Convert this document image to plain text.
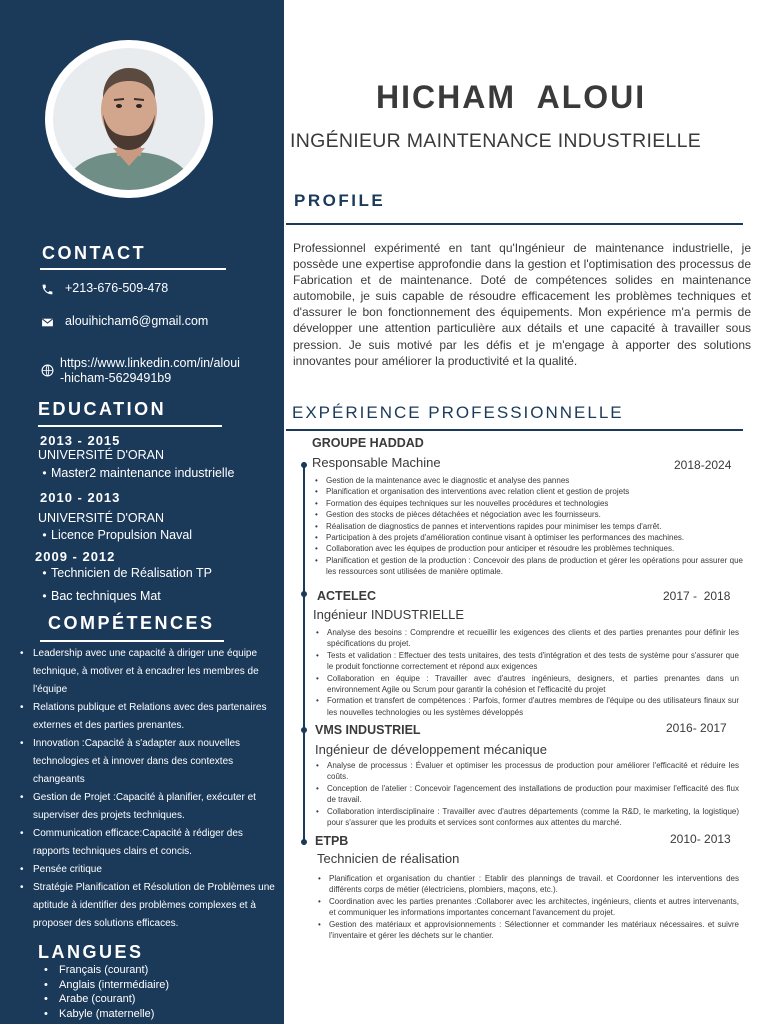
CONTACT
+213-676-509-478
alouihicham6@gmail.com
https://www.linkedin.com/in/aloui
-hicham-5629491b9
EDUCATION
2013 - 2015
UNIVERSITÉ D'ORAN
• Master2 maintenance industrielle
2010 - 2013
UNIVERSITÉ D'ORAN
• Licence Propulsion Naval
2009 - 2012
• Technicien de Réalisation TP
• Bac techniques Mat
COMPÉTENCES
• Leadership avec une capacité à diriger une équipe technique, à motiver et à encadrer les membres de l'équipe
• Relations publique et Relations avec des partenaires externes et des parties prenantes.
• Innovation :Capacité à s'adapter aux nouvelles technologies et à innover dans des contextes changeants
• Gestion de Projet :Capacité à planifier, exécuter et superviser des projets techniques.
• Communication efficace:Capacité à rédiger des rapports techniques clairs et concis.
• Pensée critique
• Stratégie Planification et Résolution de Problèmes une aptitude à identifier des problèmes complexes et à proposer des solutions efficaces.
LANGUES
• Français (courant)
• Anglais (intermédiaire)
• Arabe (courant)
• Kabyle (maternelle)
HICHAM  ALOUI
INGÉNIEUR MAINTENANCE INDUSTRIELLE
PROFILE
Professionnel expérimenté en tant qu'Ingénieur de maintenance industrielle, je possède une expertise approfondie dans la gestion et l'optimisation des processus de Fabrication et de maintenance. Doté de compétences solides en maintenance automobile, je suis capable de résoudre efficacement les problèmes techniques et d'assurer le bon fonctionnement des équipements. Mon expérience m'a permis de développer une attention particulière aux détails et une capacité à travailler sous pression. Je suis motivé par les défis et je m'engage à apporter des solutions innovantes pour améliorer la productivité et la qualité.
EXPÉRIENCE PROFESSIONNELLE
GROUPE HADDAD
Responsable Machine	2018-2024
• Gestion de la maintenance avec le diagnostic et analyse des pannes
• Planification et organisation des interventions avec relation client et gestion de projets
• Formation des équipes techniques sur les nouvelles procédures et technologies
• Gestion des stocks de pièces détachées et négociation avec les fournisseurs.
• Réalisation de diagnostics de pannes et interventions rapides pour minimiser les temps d'arrêt.
• Participation à des projets d'amélioration continue visant à optimiser les performances des machines.
• Collaboration avec les équipes de production pour anticiper et résoudre les problèmes techniques.
• Planification et gestion de la production : Concevoir des plans de production et gérer les opérations pour assurer que les ressources sont utilisées de manière optimale.
ACTELEC
Ingénieur INDUSTRIELLE
2017 -  2018
• Analyse des besoins : Comprendre et recueillir les exigences des clients et des parties prenantes pour définir les spécifications du projet.
• Tests et validation : Effectuer des tests unitaires, des tests d'intégration et des tests de système pour s'assurer que le produit fonctionne correctement et répond aux exigences
• Collaboration en équipe : Travailler avec d'autres ingénieurs, designers, et parties prenantes dans un environnement Agile ou Scrum pour garantir la cohésion et l'efficacité du projet
• Formation et transfert de compétences : Parfois, former d'autres membres de l'équipe ou des utilisateurs finaux sur les nouvelles technologies ou les systèmes développés
VMS INDUSTRIEL
Ingénieur de développement mécanique
2016- 2017
• Analyse de processus : Évaluer et optimiser les processus de production pour améliorer l'efficacité et réduire les coûts.
• Conception de l'atelier : Concevoir l'agencement des installations de production pour maximiser l'efficacité des flux de travail.
• Collaboration interdisciplinaire : Travailler avec d'autres départements (comme la R&D, le marketing, la logistique) pour s'assurer que les produits et services sont conformes aux attentes du marché.
ETPB
Technicien de réalisation
2010- 2013
• Planification et organisation du chantier : Etablir des plannings de travail. et Coordonner les interventions des différents corps de métier (électriciens, plombiers, maçons, etc.).
• Coordination avec les parties prenantes :Collaborer avec les architectes, ingénieurs, clients et autres intervenants, et communiquer les informations importantes concernant l'avancement du projet.
• Gestion des matériaux et approvisionnements : Sélectionner et commander les matériaux nécessaires. et suivre l'inventaire et gérer les déchets sur le chantier.
